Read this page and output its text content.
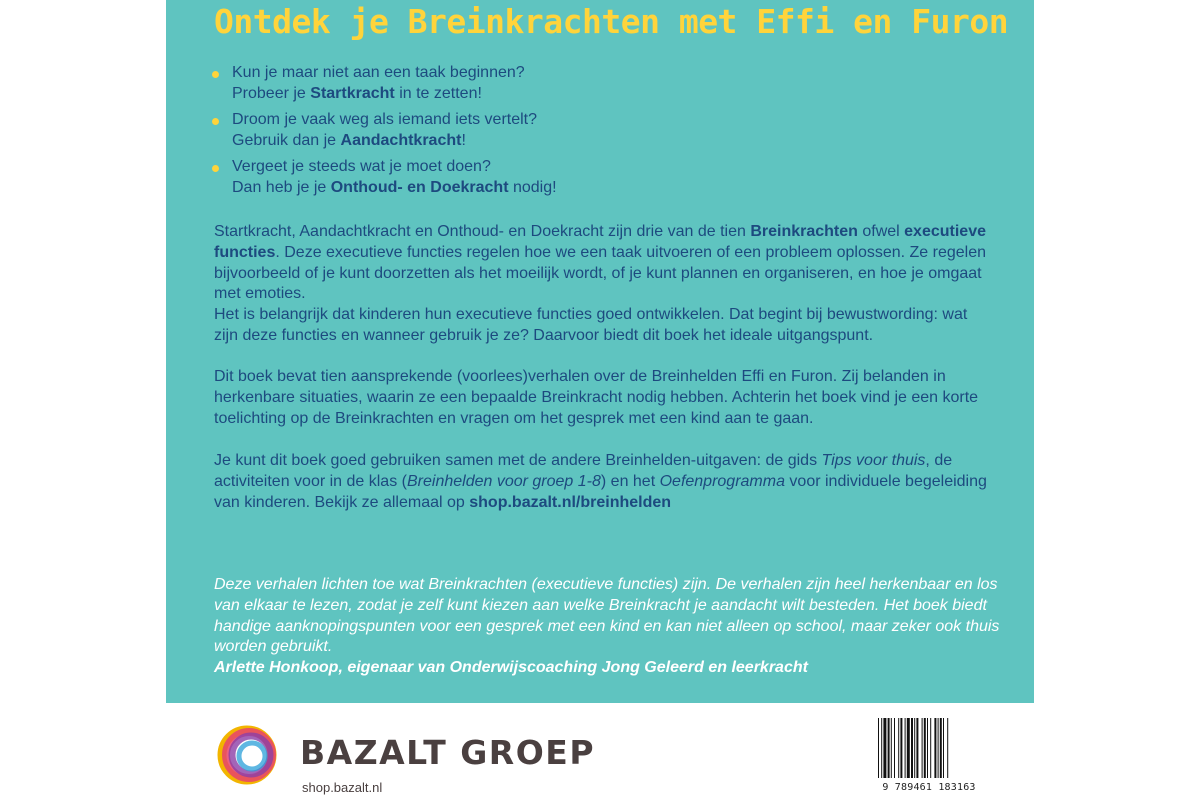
Ontdek je Breinkrachten met Effi en Furon
Kun je maar niet aan een taak beginnen?
Probeer je Startkracht in te zetten!
Droom je vaak weg als iemand iets vertelt?
Gebruik dan je Aandachtkracht!
Vergeet je steeds wat je moet doen?
Dan heb je je Onthoud- en Doekracht nodig!

Startkracht, Aandachtkracht en Onthoud- en Doekracht zijn drie van de tien Breinkrachten ofwel executieve functies. Deze executieve functies regelen hoe we een taak uitvoeren of een probleem oplossen. Ze regelen bijvoorbeeld of je kunt doorzetten als het moeilijk wordt, of je kunt plannen en organiseren, en hoe je omgaat met emoties.
Het is belangrijk dat kinderen hun executieve functies goed ontwikkelen. Dat begint bij bewustwording: wat zijn deze functies en wanneer gebruik je ze? Daarvoor biedt dit boek het ideale uitgangspunt.

Dit boek bevat tien aansprekende (voorlees)verhalen over de Breinhelden Effi en Furon. Zij belanden in herkenbare situaties, waarin ze een bepaalde Breinkracht nodig hebben. Achterin het boek vind je een korte toelichting op de Breinkrachten en vragen om het gesprek met een kind aan te gaan.

Je kunt dit boek goed gebruiken samen met de andere Breinhelden-uitgaven: de gids Tips voor thuis, de activiteiten voor in de klas (Breinhelden voor groep 1-8) en het Oefenprogramma voor individuele begeleiding van kinderen. Bekijk ze allemaal op shop.bazalt.nl/breinhelden

Deze verhalen lichten toe wat Breinkrachten (executieve functies) zijn. De verhalen zijn heel herkenbaar en los van elkaar te lezen, zodat je zelf kunt kiezen aan welke Breinkracht je aandacht wilt besteden. Het boek biedt handige aanknopingspunten voor een gesprek met een kind en kan niet alleen op school, maar zeker ook thuis worden gebruikt.
Arlette Honkoop, eigenaar van Onderwijscoaching Jong Geleerd en leerkracht

BAZALT GROEP
shop.bazalt.nl	9 789461 183163
